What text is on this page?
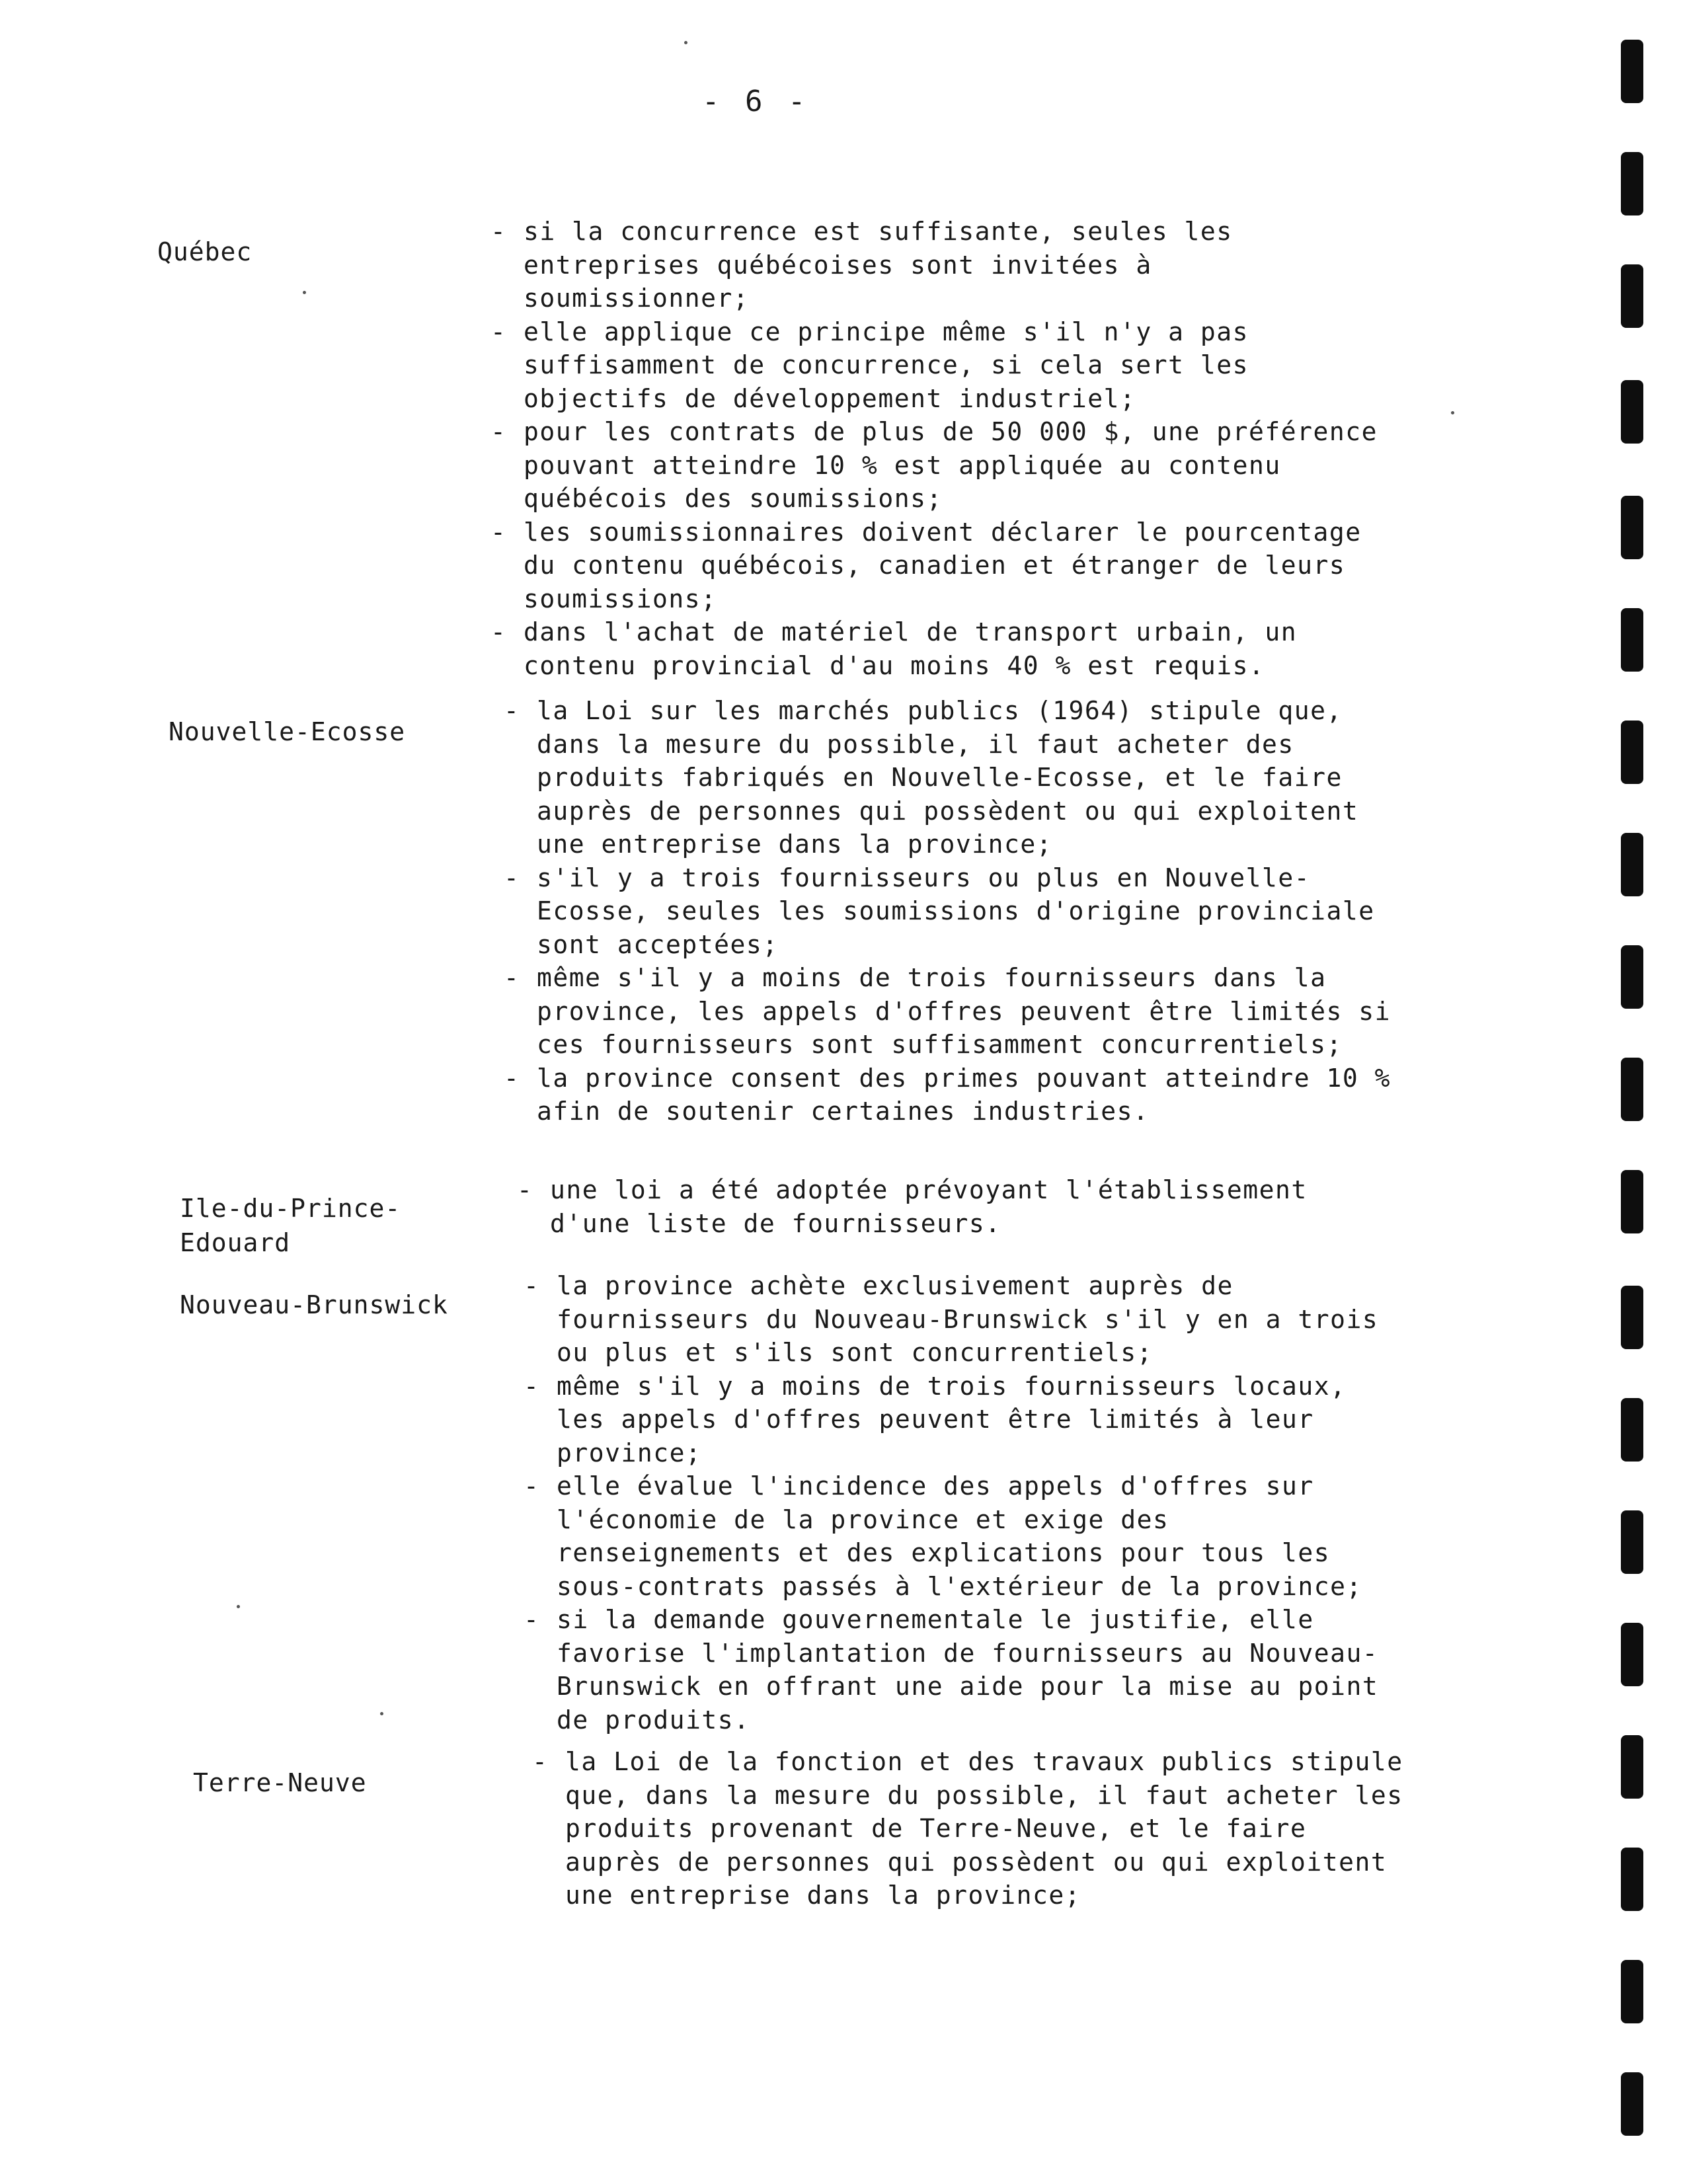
- 6 -
Québec
- si la concurrence est suffisante, seules les entreprises québécoises sont invitées à soumissionner;
- elle applique ce principe même s'il n'y a pas suffisamment de concurrence, si cela sert les objectifs de développement industriel;
- pour les contrats de plus de 50 000 $, une préférence pouvant atteindre 10 % est appliquée au contenu québécois des soumissions;
- les soumissionnaires doivent déclarer le pourcentage du contenu québécois, canadien et étranger de leurs soumissions;
- dans l'achat de matériel de transport urbain, un contenu provincial d'au moins 40 % est requis.
Nouvelle-Ecosse
- la Loi sur les marchés publics (1964) stipule que, dans la mesure du possible, il faut acheter des produits fabriqués en Nouvelle-Ecosse, et le faire auprès de personnes qui possèdent ou qui exploitent une entreprise dans la province;
- s'il y a trois fournisseurs ou plus en Nouvelle-Ecosse, seules les soumissions d'origine provinciale sont acceptées;
- même s'il y a moins de trois fournisseurs dans la province, les appels d'offres peuvent être limités si ces fournisseurs sont suffisamment concurrentiels;
- la province consent des primes pouvant atteindre 10 % afin de soutenir certaines industries.
Ile-du-Prince-
Edouard
- une loi a été adoptée prévoyant l'établissement d'une liste de fournisseurs.
Nouveau-Brunswick
- la province achète exclusivement auprès de fournisseurs du Nouveau-Brunswick s'il y en a trois ou plus et s'ils sont concurrentiels;
- même s'il y a moins de trois fournisseurs locaux, les appels d'offres peuvent être limités à leur province;
- elle évalue l'incidence des appels d'offres sur l'économie de la province et exige des renseignements et des explications pour tous les sous-contrats passés à l'extérieur de la province;
- si la demande gouvernementale le justifie, elle favorise l'implantation de fournisseurs au Nouveau-Brunswick en offrant une aide pour la mise au point de produits.
Terre-Neuve
- la Loi de la fonction et des travaux publics stipule que, dans la mesure du possible, il faut acheter les produits provenant de Terre-Neuve, et le faire auprès de personnes qui possèdent ou qui exploitent une entreprise dans la province;
